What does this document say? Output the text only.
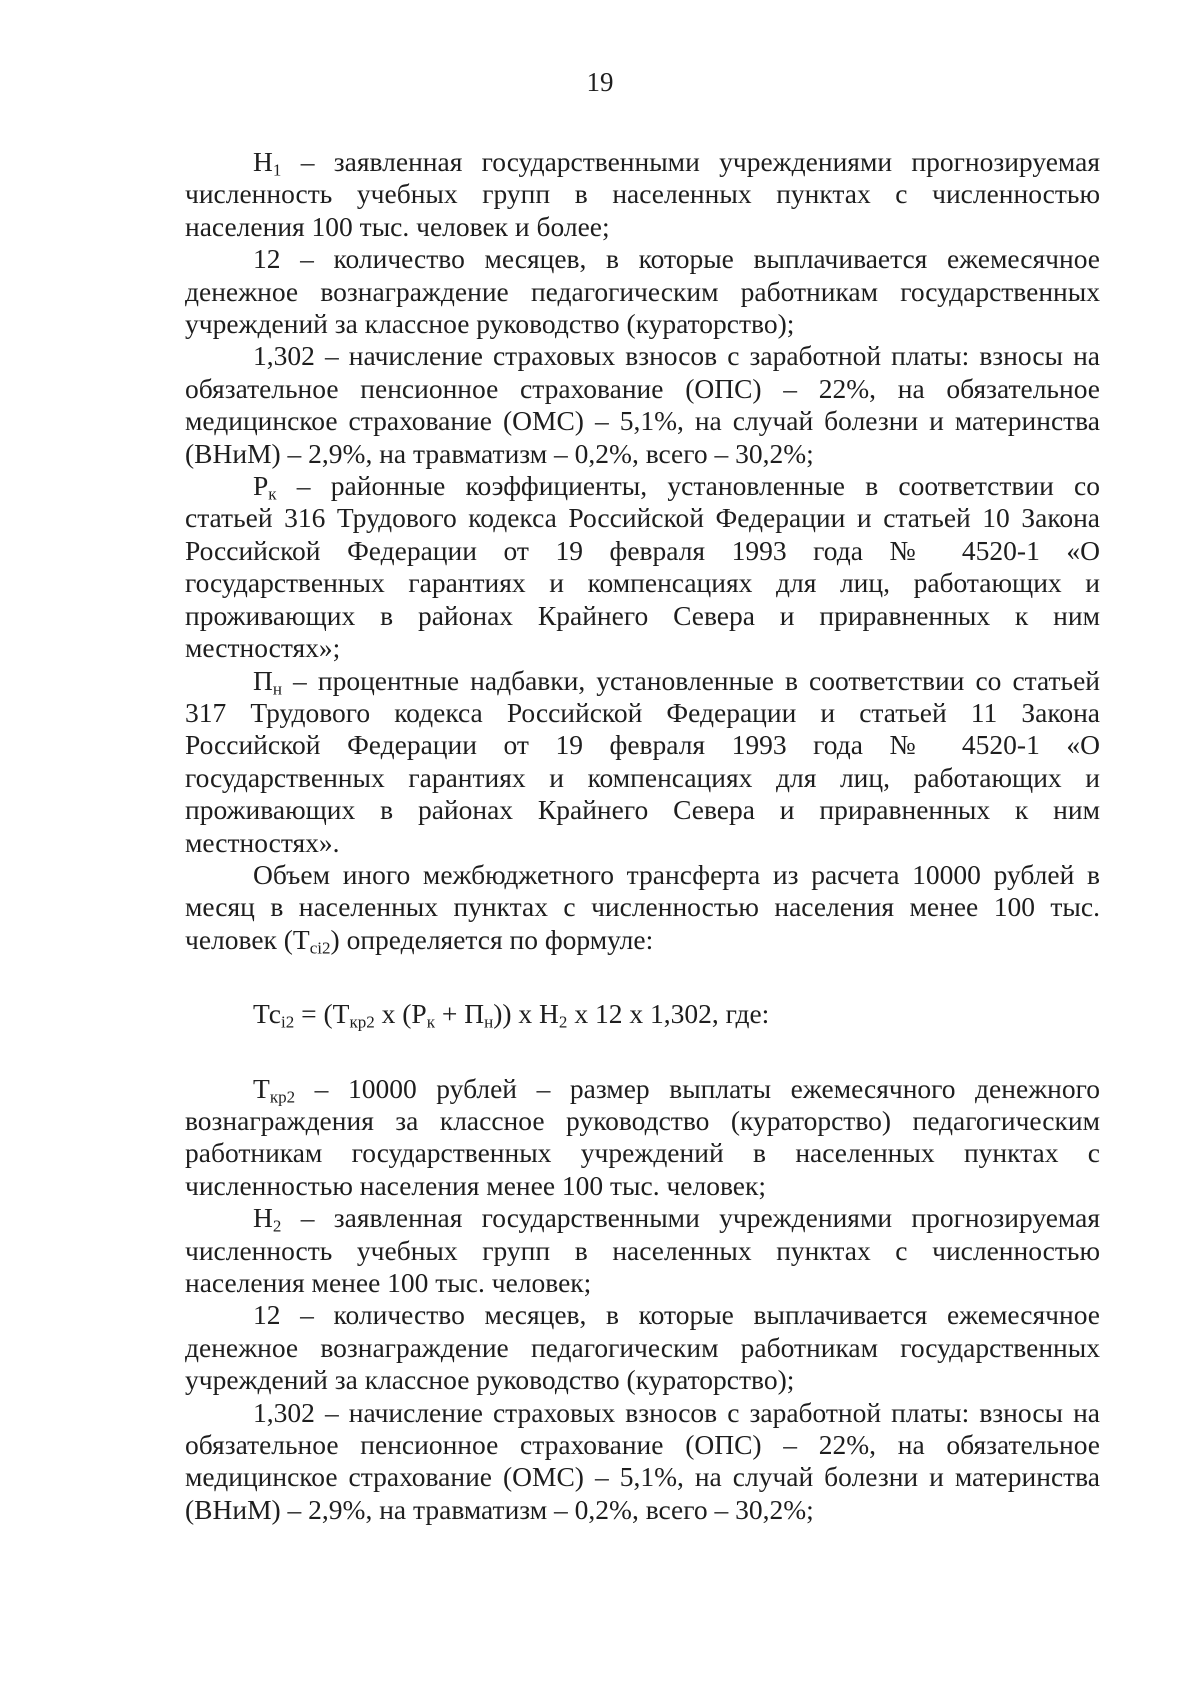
19

$Н_1$ – заявленная государственными учреждениями прогнозируемая численность учебных групп в населенных пунктах с численностью населения 100 тыс. человек и более;

12 – количество месяцев, в которые выплачивается ежемесячное денежное вознаграждение педагогическим работникам государственных учреждений за классное руководство (кураторство);

1,302 – начисление страховых взносов с заработной платы: взносы на обязательное пенсионное страхование (ОПС) – 22%, на обязательное медицинское страхование (ОМС) – 5,1%, на случай болезни и материнства (ВНиМ) – 2,9%, на травматизм – 0,2%, всего – 30,2%;

$Р_к$ – районные коэффициенты, установленные в соответствии со статьей 316 Трудового кодекса Российской Федерации и статьей 10 Закона Российской Федерации от 19 февраля 1993 года № 4520-1 «О государственных гарантиях и компенсациях для лиц, работающих и проживающих в районах Крайнего Севера и приравненных к ним местностях»;

$П_н$ – процентные надбавки, установленные в соответствии со статьей 317 Трудового кодекса Российской Федерации и статьей 11 Закона Российской Федерации от 19 февраля 1993 года № 4520-1 «О государственных гарантиях и компенсациях для лиц, работающих и проживающих в районах Крайнего Севера и приравненных к ним местностях».

Объем иного межбюджетного трансферта из расчета 10000 рублей в месяц в населенных пунктах с численностью населения менее 100 тыс. человек $(Т_{сi2})$ определяется по формуле:

$Тс_{i2} = (Т_{кр2}$ х $(Р_к + П_н)$) х $Н_2$ х 12 х 1,302, где:

$Т_{кр2} - 10000$ рублей – размер выплаты ежемесячного денежного вознаграждения за классное руководство (кураторство) педагогическим работникам государственных учреждений в населенных пунктах с численностью населения менее 100 тыс. человек;

$Н_2$ – заявленная государственными учреждениями прогнозируемая численность учебных групп в населенных пунктах с численностью населения менее 100 тыс. человек;

12 – количество месяцев, в которые выплачивается ежемесячное денежное вознаграждение педагогическим работникам государственных учреждений за классное руководство (кураторство);

1,302 – начисление страховых взносов с заработной платы: взносы на обязательное пенсионное страхование (ОПС) – 22%, на обязательное медицинское страхование (ОМС) – 5,1%, на случай болезни и материнства (ВНиМ) – 2,9%, на травматизм – 0,2%, всего – 30,2%;
